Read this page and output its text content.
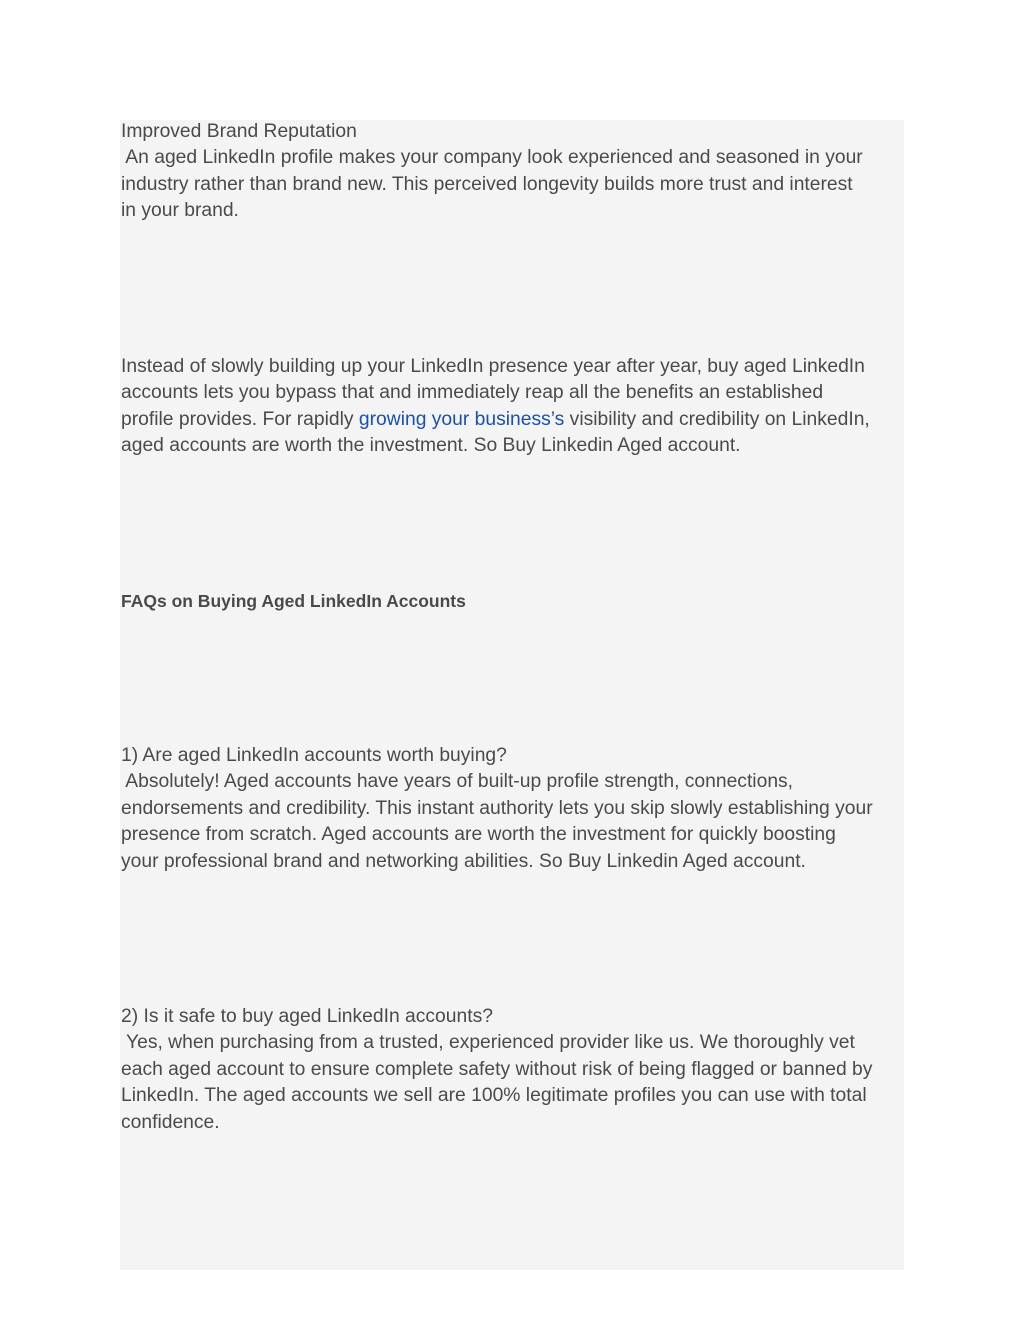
Improved Brand Reputation
An aged LinkedIn profile makes your company look experienced and seasoned in your
industry rather than brand new. This perceived longevity builds more trust and interest
in your brand.

Instead of slowly building up your LinkedIn presence year after year, buy aged LinkedIn
accounts lets you bypass that and immediately reap all the benefits an established
profile provides. For rapidly growing your business’s visibility and credibility on LinkedIn,
aged accounts are worth the investment. So Buy Linkedin Aged account.

FAQs on Buying Aged LinkedIn Accounts

1) Are aged LinkedIn accounts worth buying?
Absolutely! Aged accounts have years of built-up profile strength, connections,
endorsements and credibility. This instant authority lets you skip slowly establishing your
presence from scratch. Aged accounts are worth the investment for quickly boosting
your professional brand and networking abilities. So Buy Linkedin Aged account.

2) Is it safe to buy aged LinkedIn accounts?
Yes, when purchasing from a trusted, experienced provider like us. We thoroughly vet
each aged account to ensure complete safety without risk of being flagged or banned by
LinkedIn. The aged accounts we sell are 100% legitimate profiles you can use with total
confidence.
